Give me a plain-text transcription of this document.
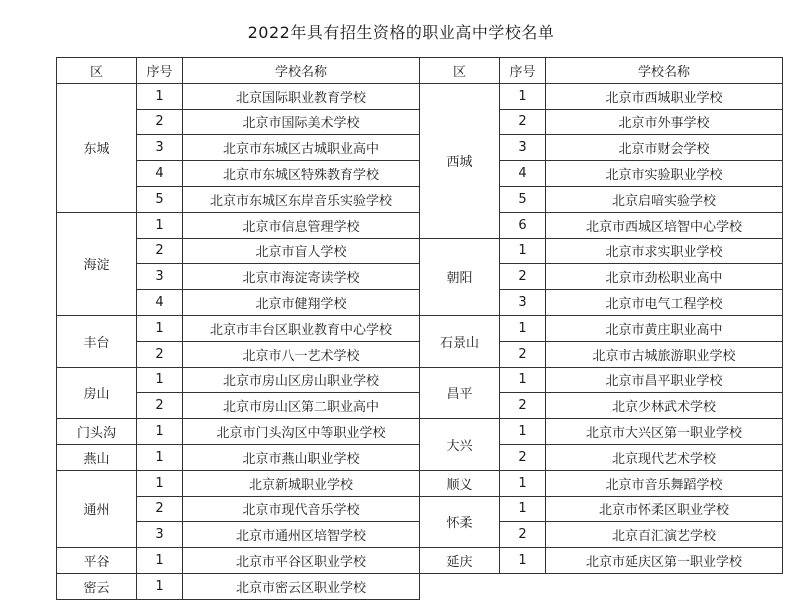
2022年具有招生资格的职业高中学校名单
区	序号	学校名称	区	序号	学校名称
东城	1	北京国际职业教育学校	西城	1	北京市西城职业学校
	2	北京市国际美术学校		2	北京市外事学校
	3	北京市东城区古城职业高中		3	北京市财会学校
	4	北京市东城区特殊教育学校		4	北京市实验职业学校
	5	北京市东城区东岸音乐实验学校		5	北京启喑实验学校
海淀	1	北京市信息管理学校		6	北京市西城区培智中心学校
	2	北京市盲人学校	朝阳	1	北京市求实职业学校
	3	北京市海淀寄读学校		2	北京市劲松职业高中
	4	北京市健翔学校		3	北京市电气工程学校
丰台	1	北京市丰台区职业教育中心学校	石景山	1	北京市黄庄职业高中
	2	北京市八一艺术学校		2	北京市古城旅游职业学校
房山	1	北京市房山区房山职业学校	昌平	1	北京市昌平职业学校
	2	北京市房山区第二职业高中		2	北京少林武术学校
门头沟	1	北京市门头沟区中等职业学校	大兴	1	北京市大兴区第一职业学校
燕山	1	北京市燕山职业学校		2	北京现代艺术学校
通州	1	北京新城职业学校	顺义	1	北京市音乐舞蹈学校
	2	北京市现代音乐学校	怀柔	1	北京市怀柔区职业学校
	3	北京市通州区培智学校		2	北京百汇演艺学校
平谷	1	北京市平谷区职业学校	延庆	1	北京市延庆区第一职业学校
密云	1	北京市密云区职业学校			
